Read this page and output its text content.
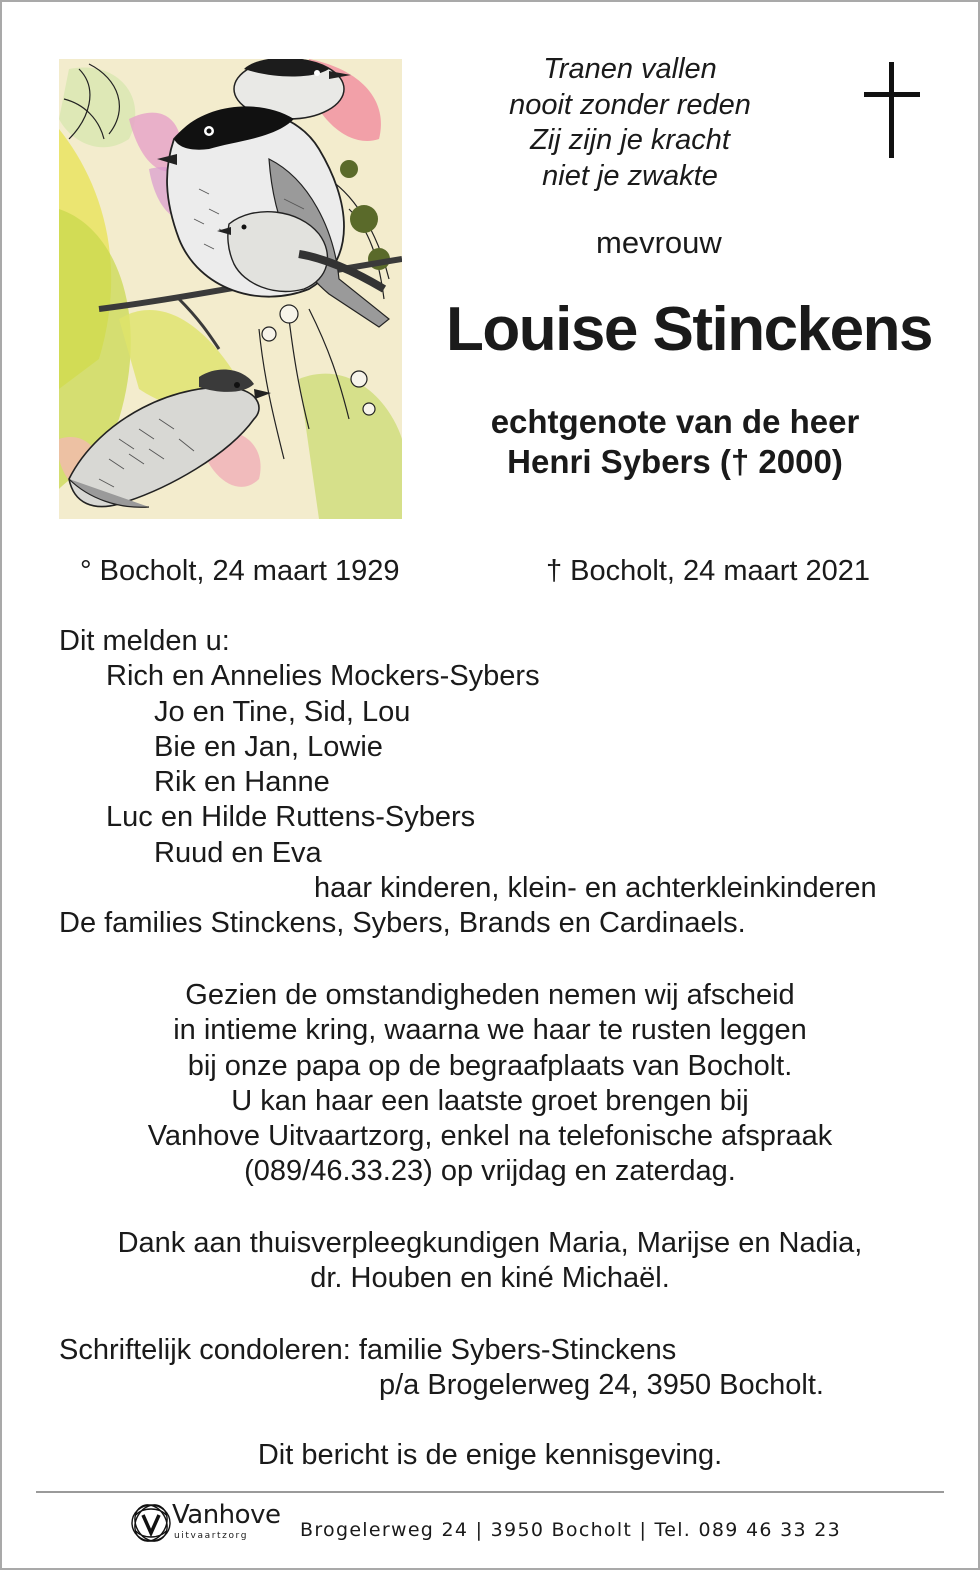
Tranen vallen
nooit zonder reden
Zij zijn je kracht
niet je zwakte
mevrouw
Louise Stinckens
echtgenote van de heer
Henri Sybers († 2000)
° Bocholt, 24 maart 1929	† Bocholt, 24 maart 2021
Dit melden u:
Rich en Annelies Mockers-Sybers
Jo en Tine, Sid, Lou
Bie en Jan, Lowie
Rik en Hanne
Luc en Hilde Ruttens-Sybers
Ruud en Eva
haar kinderen, klein- en achterkleinkinderen
De families Stinckens, Sybers, Brands en Cardinaels.
Gezien de omstandigheden nemen wij afscheid
in intieme kring, waarna we haar te rusten leggen
bij onze papa op de begraafplaats van Bocholt.
U kan haar een laatste groet brengen bij
Vanhove Uitvaartzorg, enkel na telefonische afspraak
(089/46.33.23) op vrijdag en zaterdag.
Dank aan thuisverpleegkundigen Maria, Marijse en Nadia,
dr. Houben en kiné Michaël.
Schriftelijk condoleren: familie Sybers-Stinckens
p/a Brogelerweg 24, 3950 Bocholt.
Dit bericht is de enige kennisgeving.
Vanhove
uitvaartzorg	Brogelerweg 24 | 3950 Bocholt | Tel. 089 46 33 23
